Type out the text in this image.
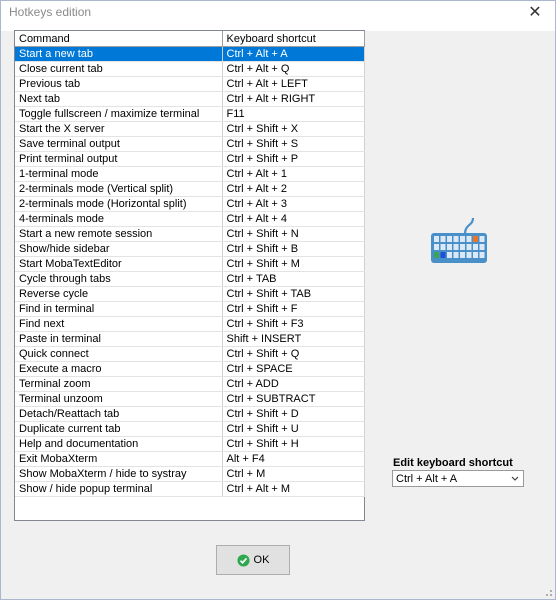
Hotkeys edition	✕
Command	Keyboard shortcut
Start a new tab	Ctrl + Alt + A
Close current tab	Ctrl + Alt + Q
Previous tab	Ctrl + Alt + LEFT
Next tab	Ctrl + Alt + RIGHT
Toggle fullscreen / maximize terminal	F11
Start the X server	Ctrl + Shift + X
Save terminal output	Ctrl + Shift + S
Print terminal output	Ctrl + Shift + P
1-terminal mode	Ctrl + Alt + 1
2-terminals mode (Vertical split)	Ctrl + Alt + 2
2-terminals mode (Horizontal split)	Ctrl + Alt + 3
4-terminals mode	Ctrl + Alt + 4
Start a new remote session	Ctrl + Shift + N
Show/hide sidebar	Ctrl + Shift + B
Start MobaTextEditor	Ctrl + Shift + M
Cycle through tabs	Ctrl + TAB
Reverse cycle	Ctrl + Shift + TAB
Find in terminal	Ctrl + Shift + F
Find next	Ctrl + Shift + F3
Paste in terminal	Shift + INSERT
Quick connect	Ctrl + Shift + Q
Execute a macro	Ctrl + SPACE
Terminal zoom	Ctrl + ADD
Terminal unzoom	Ctrl + SUBTRACT
Detach/Reattach tab	Ctrl + Shift + D
Duplicate current tab	Ctrl + Shift + U
Help and documentation	Ctrl + Shift + H
Exit MobaXterm	Alt + F4
Show MobaXterm / hide to systray	Ctrl + M
Show / hide popup terminal	Ctrl + Alt + M
Edit keyboard shortcut
Ctrl + Alt + A
OK
